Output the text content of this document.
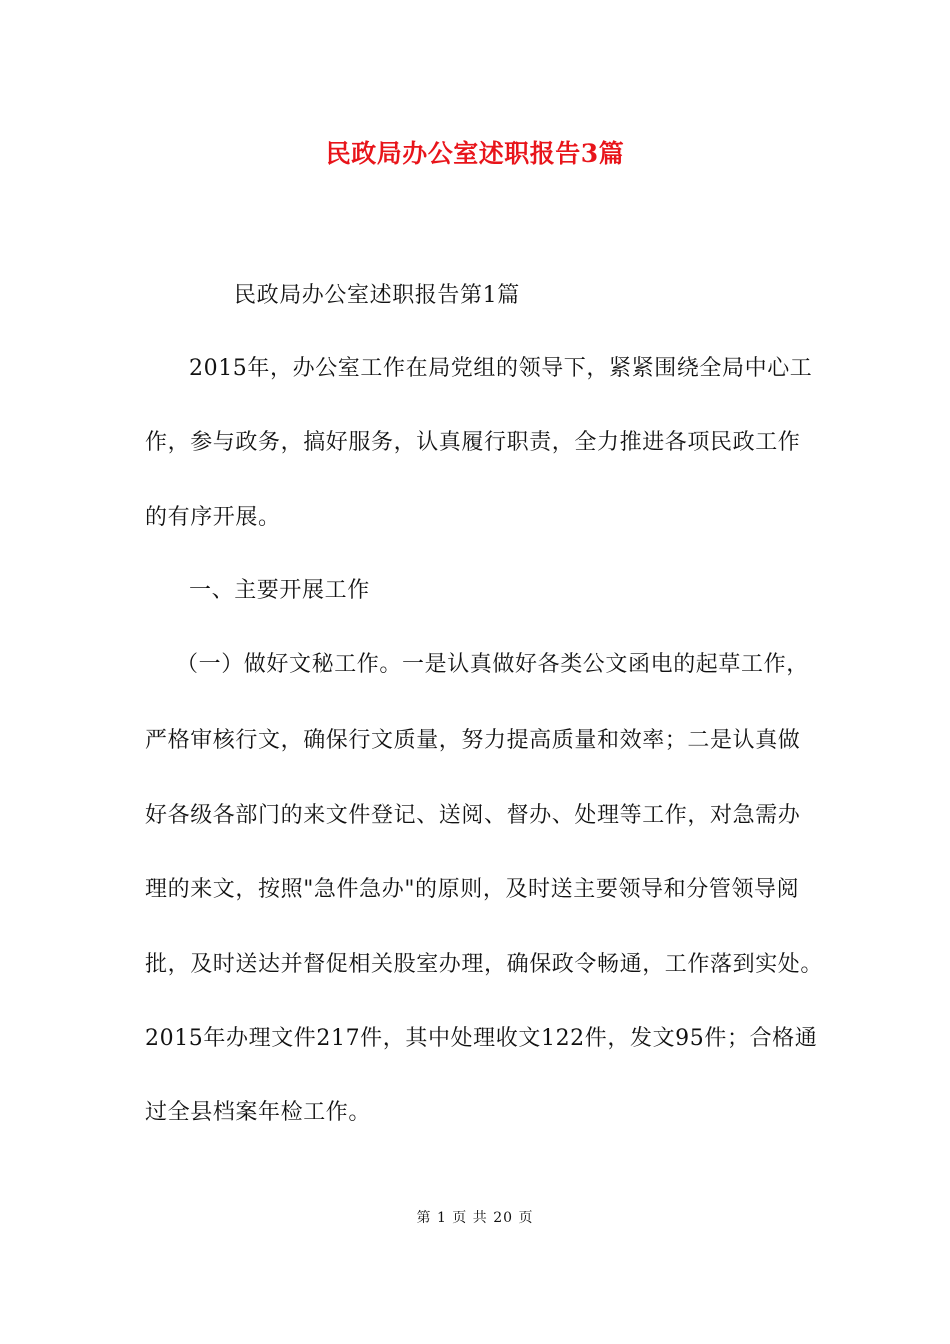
民政局办公室述职报告3篇
民政局办公室述职报告第1篇
2015年，办公室工作在局党组的领导下，紧紧围绕全局中心工
作，参与政务，搞好服务，认真履行职责，全力推进各项民政工作
的有序开展。
一、主要开展工作
（一）做好文秘工作。一是认真做好各类公文函电的起草工作，
严格审核行文，确保行文质量，努力提高质量和效率；二是认真做
好各级各部门的来文件登记、送阅、督办、处理等工作，对急需办
理的来文，按照"急件急办"的原则，及时送主要领导和分管领导阅
批，及时送达并督促相关股室办理，确保政令畅通，工作落到实处。
2015年办理文件217件，其中处理收文122件，发文95件；合格通
过全县档案年检工作。
第 1 页 共 20 页
